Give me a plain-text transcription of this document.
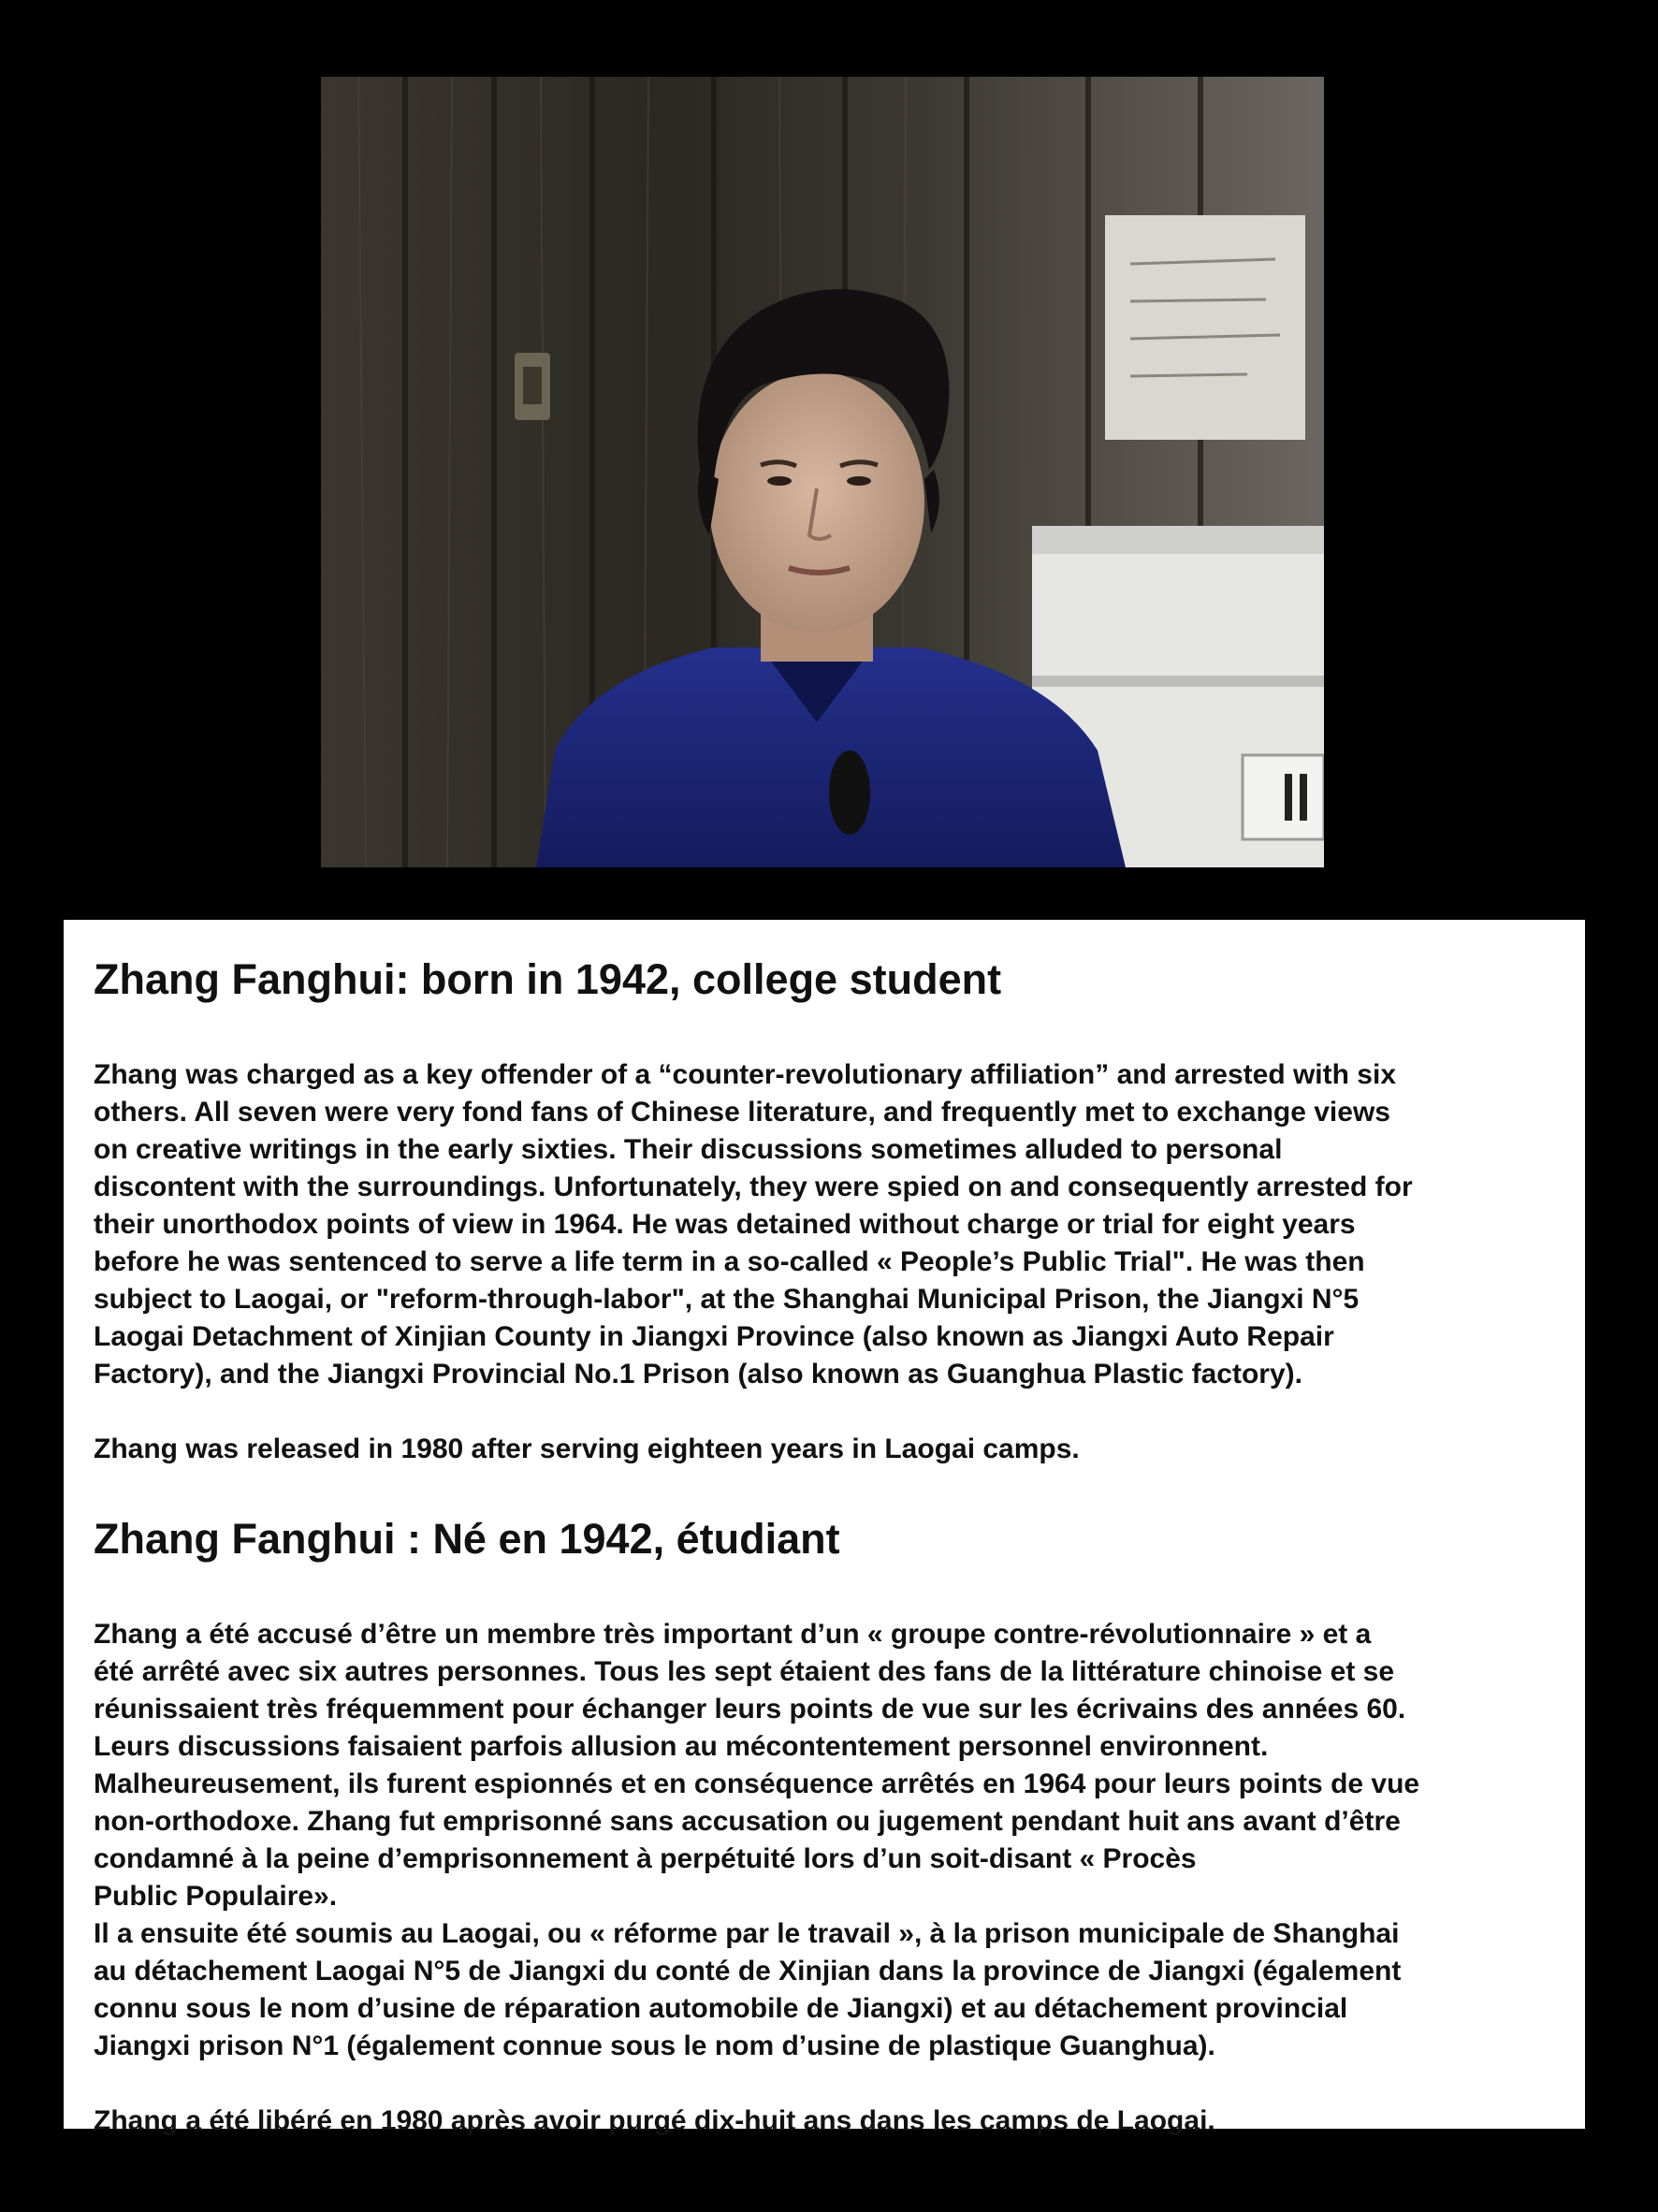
Zhang Fanghui: born in 1942, college student

Zhang was charged as a key offender of a “counter-revolutionary affiliation” and arrested with six
others. All seven were very fond fans of Chinese literature, and frequently met to exchange views
on creative writings in the early sixties. Their discussions sometimes alluded to personal
discontent with the surroundings. Unfortunately, they were spied on and consequently arrested for
their unorthodox points of view in 1964. He was detained without charge or trial for eight years
before he was sentenced to serve a life term in a so-called « People’s Public Trial". He was then
subject to Laogai, or "reform-through-labor", at the Shanghai Municipal Prison, the Jiangxi N°5
Laogai Detachment of Xinjian County in Jiangxi Province (also known as Jiangxi Auto Repair
Factory), and the Jiangxi Provincial No.1 Prison (also known as Guanghua Plastic factory).

Zhang was released in 1980 after serving eighteen years in Laogai camps.

Zhang Fanghui : Né en 1942, étudiant

Zhang a été accusé d’être un membre très important d’un « groupe contre-révolutionnaire » et a
été arrêté avec six autres personnes. Tous les sept étaient des fans de la littérature chinoise et se
réunissaient très fréquemment pour échanger leurs points de vue sur les écrivains des années 60.
Leurs discussions faisaient parfois allusion au mécontentement personnel environnent.
Malheureusement, ils furent espionnés et en conséquence arrêtés en 1964 pour leurs points de vue
non-orthodoxe. Zhang fut emprisonné sans accusation ou jugement pendant huit ans avant d’être
condamné à la peine d’emprisonnement à perpétuité lors d’un soit-disant « Procès
Public Populaire».
Il a ensuite été soumis au Laogai, ou « réforme par le travail », à la prison municipale de Shanghai
au détachement Laogai N°5 de Jiangxi du conté de Xinjian dans la province de Jiangxi (également
connu sous le nom d’usine de réparation automobile de Jiangxi) et au détachement provincial
Jiangxi prison N°1 (également connue sous le nom d’usine de plastique Guanghua).

Zhang a été libéré en 1980 après avoir purgé dix-huit ans dans les camps de Laogai.
